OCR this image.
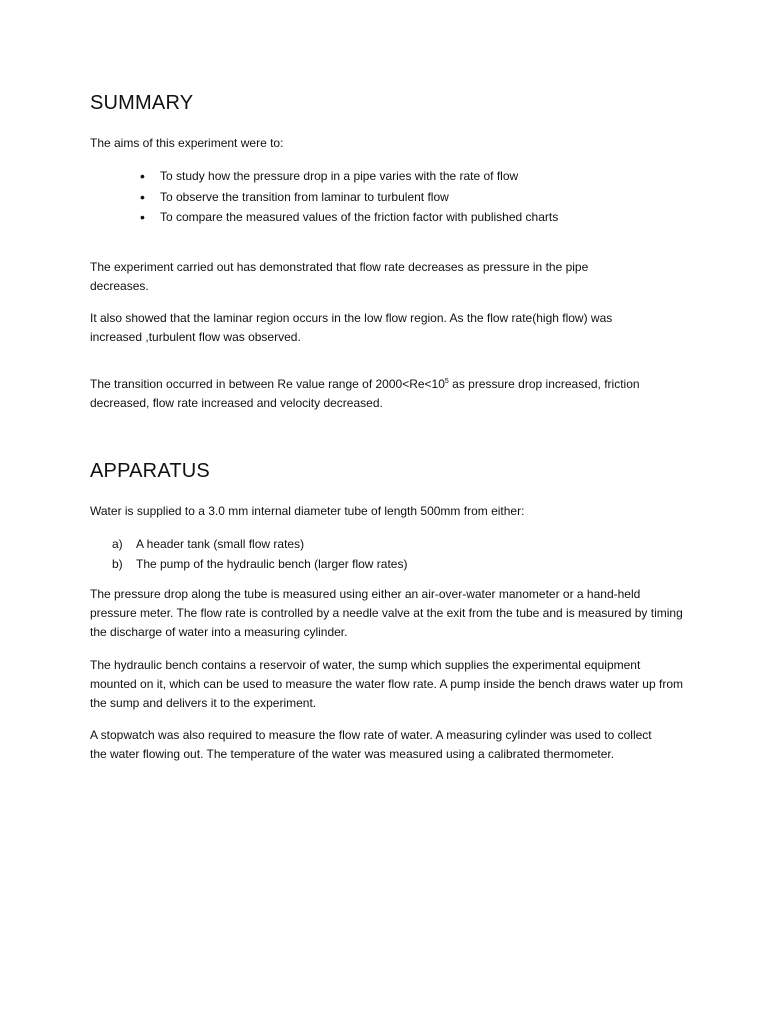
SUMMARY

The aims of this experiment were to:

• To study how the pressure drop in a pipe varies with the rate of flow
• To observe the transition from laminar to turbulent flow
• To compare the measured values of the friction factor with published charts

The experiment carried out has demonstrated that flow rate decreases as pressure in the pipe decreases.

It also showed that the laminar region occurs in the low flow region. As the flow rate(high flow) was increased ,turbulent flow was observed.

The transition occurred in between Re value range of $2000<Re<10^5$ as pressure drop increased, friction decreased, flow rate increased and velocity decreased.

APPARATUS

Water is supplied to a 3.0 mm internal diameter tube of length 500mm from either:

a) A header tank (small flow rates)
b) The pump of the hydraulic bench (larger flow rates)

The pressure drop along the tube is measured using either an air-over-water manometer or a hand-held pressure meter. The flow rate is controlled by a needle valve at the exit from the tube and is measured by timing the discharge of water into a measuring cylinder.

The hydraulic bench contains a reservoir of water, the sump which supplies the experimental equipment mounted on it, which can be used to measure the water flow rate. A pump inside the bench draws water up from the sump and delivers it to the experiment.

A stopwatch was also required to measure the flow rate of water. A measuring cylinder was used to collect the water flowing out. The temperature of the water was measured using a calibrated thermometer.
